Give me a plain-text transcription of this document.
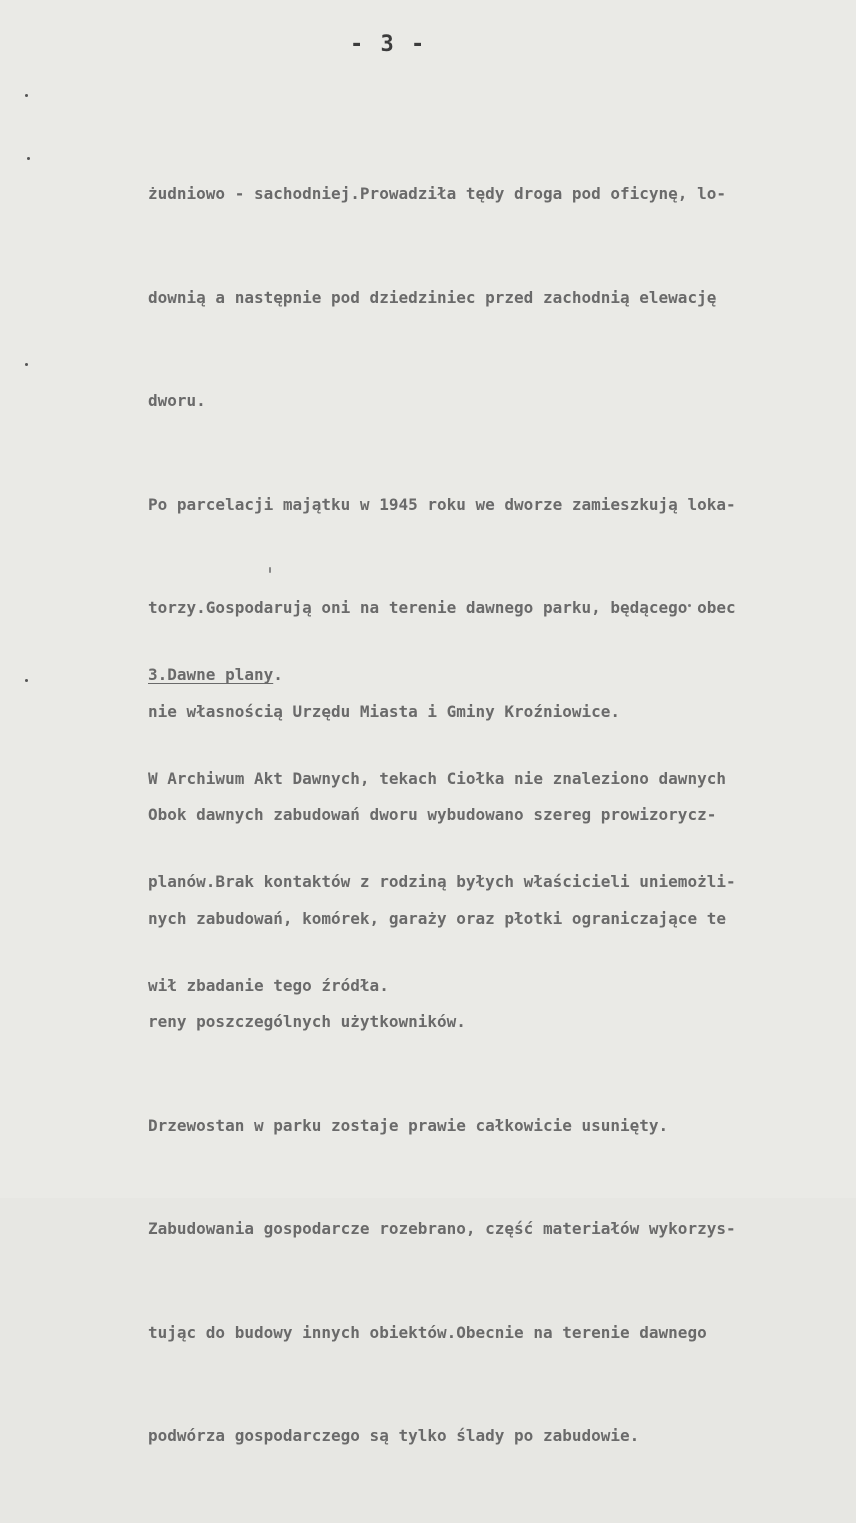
- 3 -

żudniowo - sachodniej.Prowadziła tędy droga pod oficynę, lo-

downią a następnie pod dziedziniec przed zachodnią elewację

dworu.

Po parcelacji majątku w 1945 roku we dworze zamieszkują loka-

torzy.Gospodarują oni na terenie dawnego parku, będącego obec

nie własnością Urzędu Miasta i Gminy Kroźniowice.

Obok dawnych zabudowań dworu wybudowano szereg prowizorycz-

nych zabudowań, komórek, garaży oraz płotki ograniczające te

reny poszczególnych użytkowników.

Drzewostan w parku zostaje prawie całkowicie usunięty.

Zabudowania gospodarcze rozebrano, część materiałów wykorzys-

tując do budowy innych obiektów.Obecnie na terenie dawnego

podwórza gospodarczego są tylko ślady po zabudowie.

3.Dawne plany.

W Archiwum Akt Dawnych, tekach Ciołka nie znaleziono dawnych

planów.Brak kontaktów z rodziną byłych właścicieli uniemożli-

wił zbadanie tego źródła.
